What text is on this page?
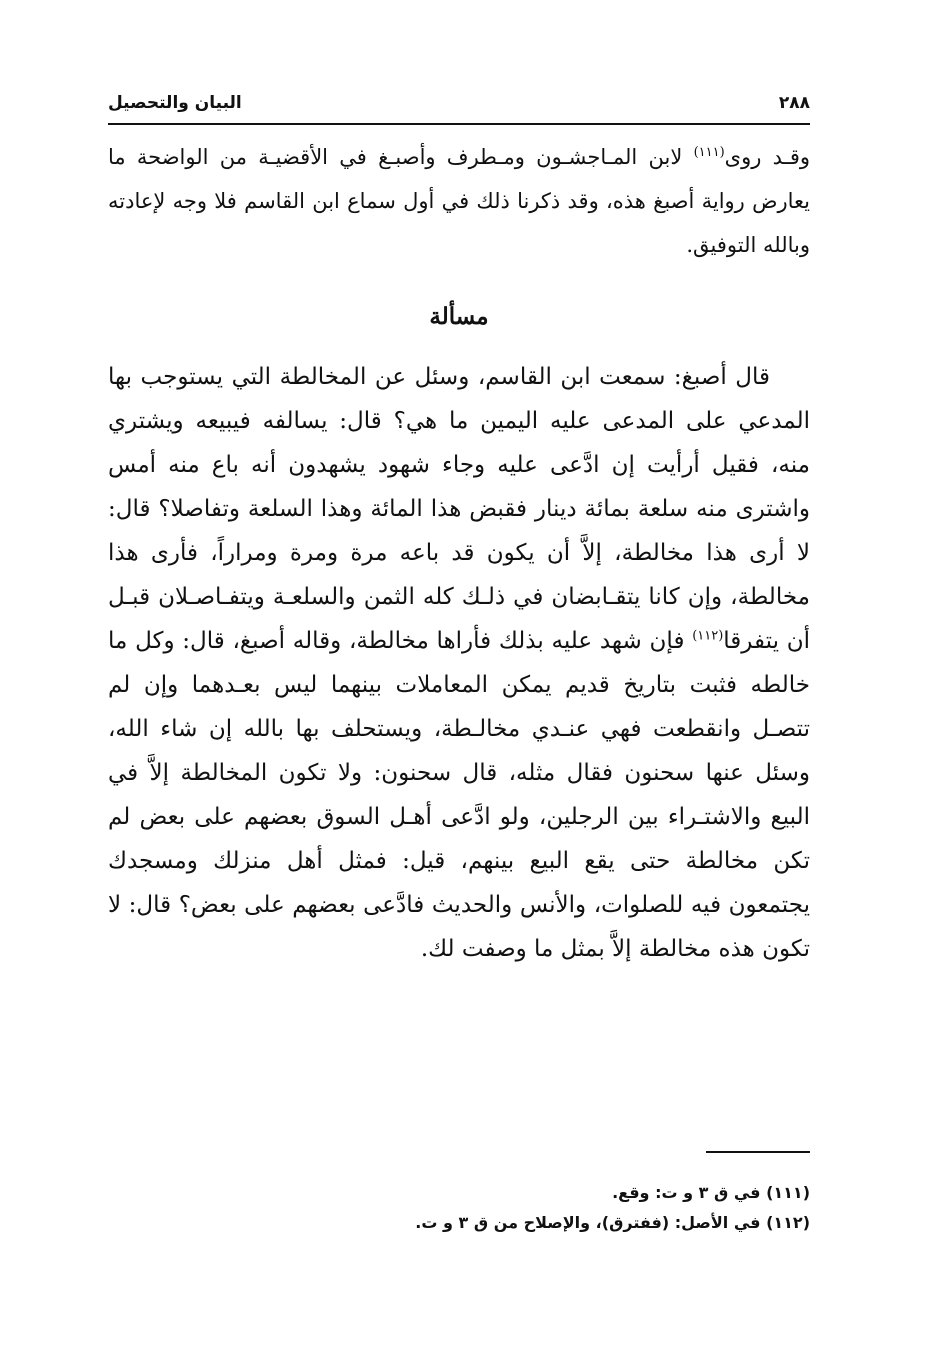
٢٨٨
البيان والتحصيل

وقـد روى$^{(١١١)}$ لابن المـاجشـون ومـطرف وأصبـغ في الأقضيـة من الواضحة ما يعارض رواية أصبغ هذه، وقد ذكرنا ذلك في أول سماع ابن القاسم فلا وجه لإعادته وبالله التوفيق.

مسألة

قال أصبغ: سمعت ابن القاسم، وسئل عن المخالطة التي يستوجب بها المدعي على المدعى عليه اليمين ما هي؟ قال: يسالفه فيبيعه ويشتري منه، فقيل أرأيت إن ادَّعى عليه وجاء شهود يشهدون أنه باع منه أمس واشترى منه سلعة بمائة دينار فقبض هذا المائة وهذا السلعة وتفاصلا؟ قال: لا أرى هذا مخالطة، إلاَّ أن يكون قد باعه مرة ومرة ومراراً، فأرى هذا مخالطة، وإن كانا يتقـابضان في ذلـك كله الثمن والسلعـة ويتفـاصـلان قبـل أن يتفرقا$^{(١١٢)}$ فإن شهد عليه بذلك فأراها مخالطة، وقاله أصبغ، قال: وكل ما خالطه فثبت بتاريخ قديم يمكن المعاملات بينهما ليس بعـدهما وإن لم تتصـل وانقطعت فهي عنـدي مخالـطة، ويستحلف بها بالله إن شاء الله، وسئل عنها سحنون فقال مثله، قال سحنون: ولا تكون المخالطة إلاَّ في البيع والاشتـراء بين الرجلين، ولو ادَّعى أهـل السوق بعضهم على بعض لم تكن مخالطة حتى يقع البيع بينهم، قيل: فمثل أهل منزلك ومسجدك يجتمعون فيه للصلوات، والأنس والحديث فادَّعى بعضهم على بعض؟ قال: لا تكون هذه مخالطة إلاَّ بمثل ما وصفت لك.

(١١١) في ق ٣ و ت: وقع.
(١١٢) في الأصل: (ففترق)، والإصلاح من ق ٣ و ت.
